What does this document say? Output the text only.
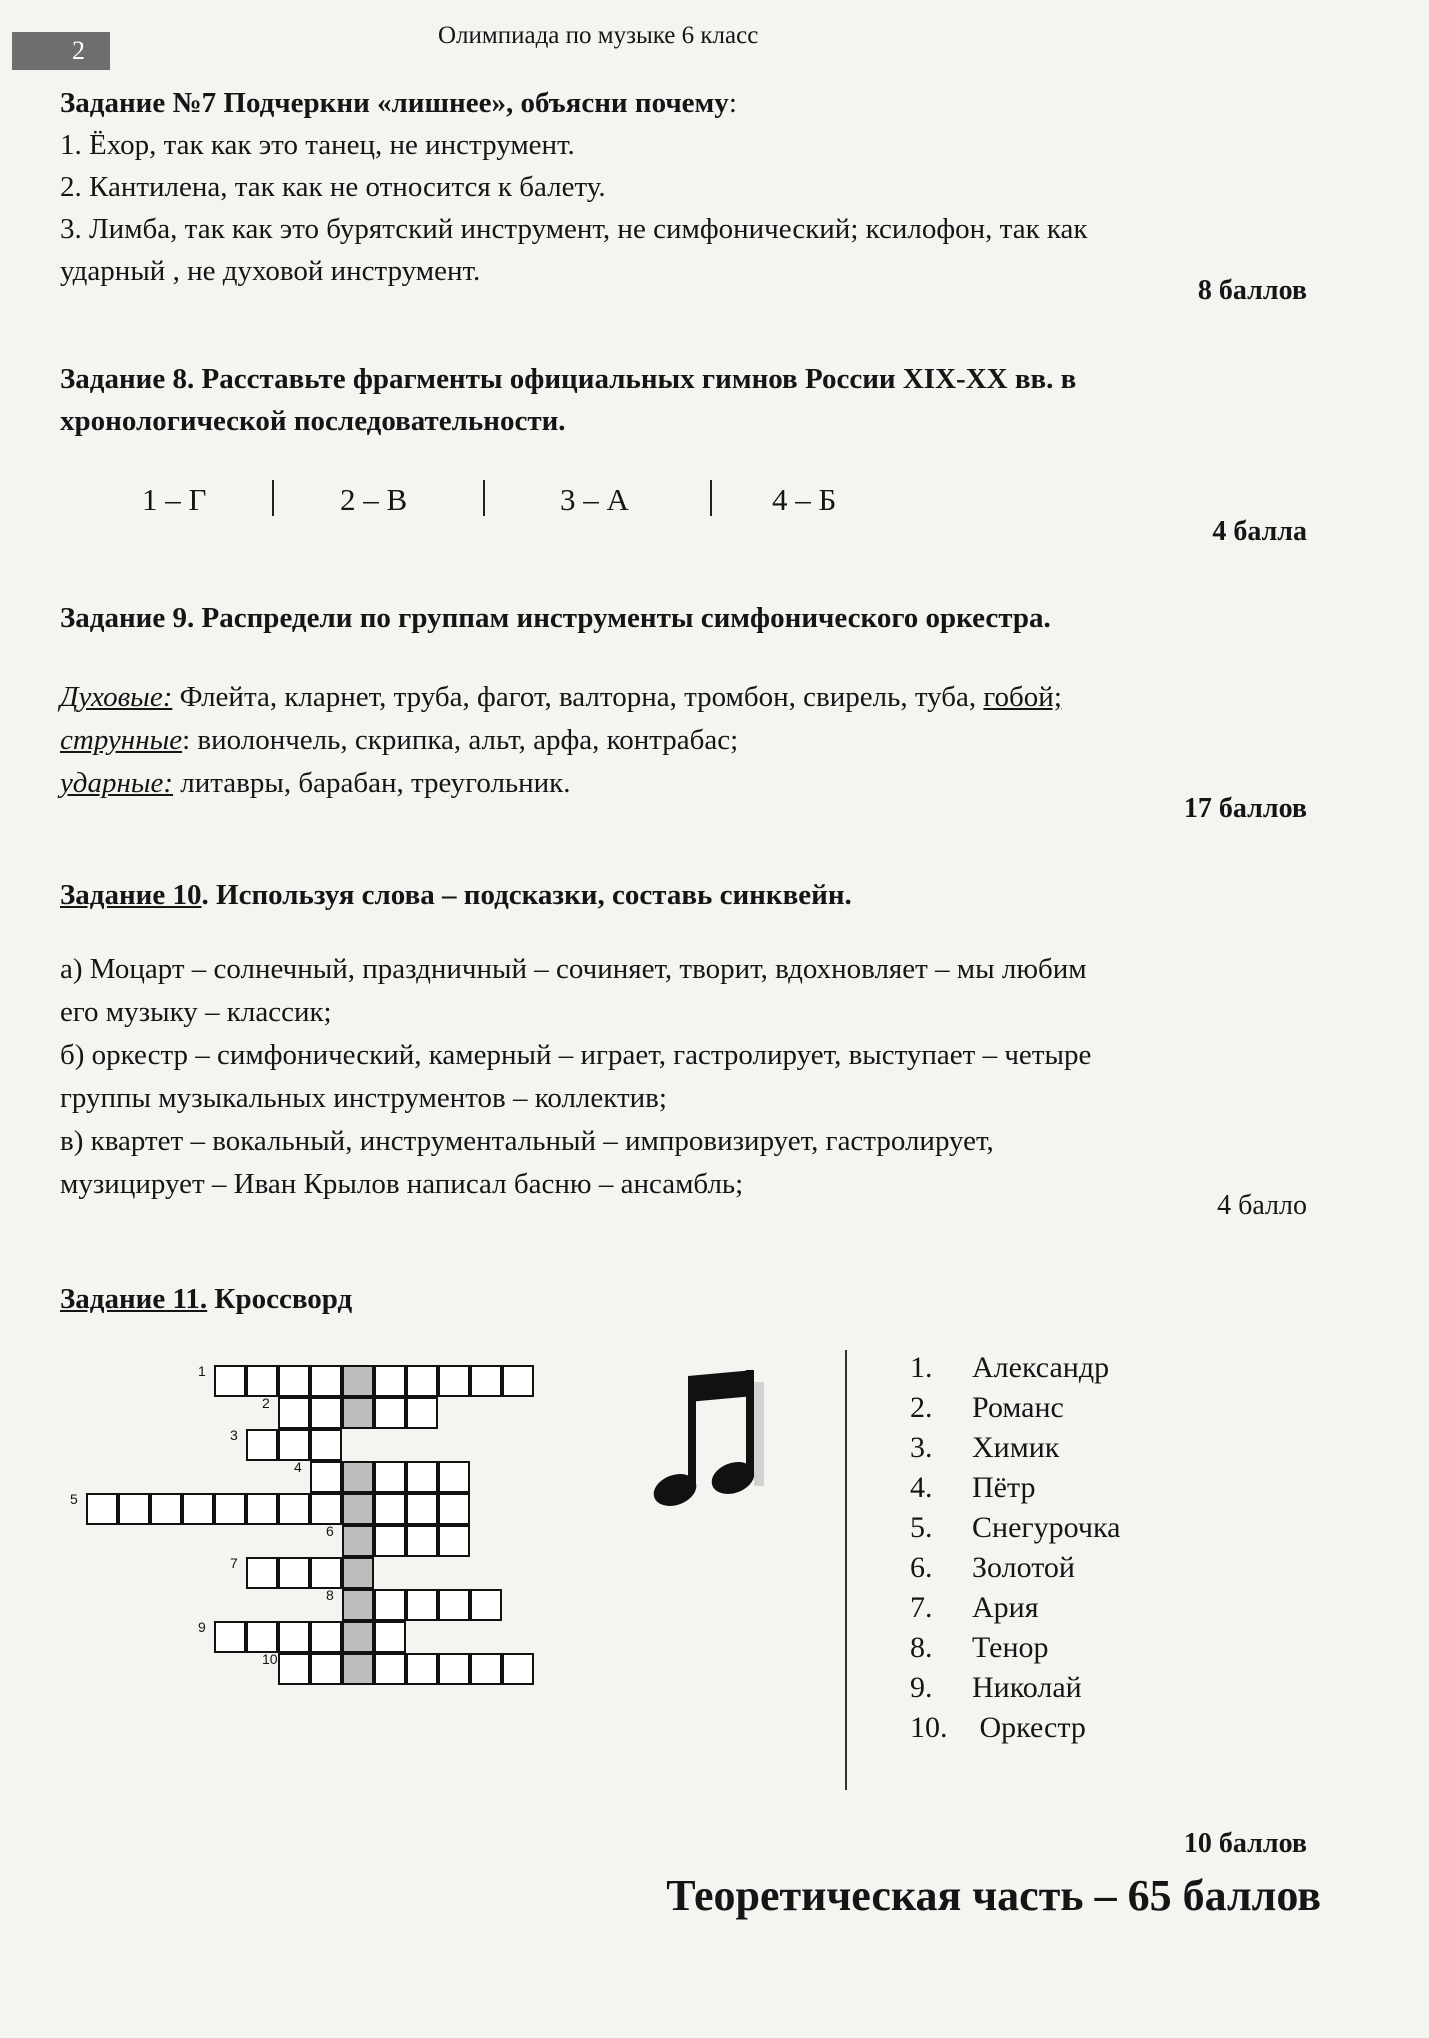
2
Олимпиада по музыке 6 класс
Задание №7 Подчеркни «лишнее», объясни почему:
1. Ёхор, так как это танец, не инструмент.
2. Кантилена, так как не относится к балету.
3. Лимба, так как это бурятский инструмент, не симфонический; ксилофон, так как
ударный , не духовой инструмент.
8 баллов
Задание 8. Расставьте фрагменты официальных гимнов России XIX-XX вв. в
хронологической последовательности.
1 – Г	2 – В	3 – А	4 – Б
4 балла
Задание 9. Распредели по группам инструменты симфонического оркестра.
Духовые: Флейта, кларнет, труба, фагот, валторна, тромбон, свирель, туба, гобой;
струнные: виолончель, скрипка, альт, арфа, контрабас;
ударные: литавры, барабан, треугольник.
17 баллов
Задание 10. Используя слова – подсказки, составь синквейн.
а) Моцарт – солнечный, праздничный – сочиняет, творит, вдохновляет – мы любим
его музыку – классик;
б) оркестр – симфонический, камерный – играет, гастролирует, выступает – четыре
группы музыкальных инструментов – коллектив;
в) квартет – вокальный, инструментальный – импровизирует, гастролирует,
музицирует – Иван Крылов написал басню – ансамбль;
4 балло
Задание 11. Кроссворд
1
2
3
4
5
6
7
8
9
10
1. Александр
2. Романс
3. Химик
4. Пётр
5. Снегурочка
6. Золотой
7. Ария
8. Тенор
9. Николай
10. Оркестр
10 баллов
Теоретическая часть – 65 баллов
